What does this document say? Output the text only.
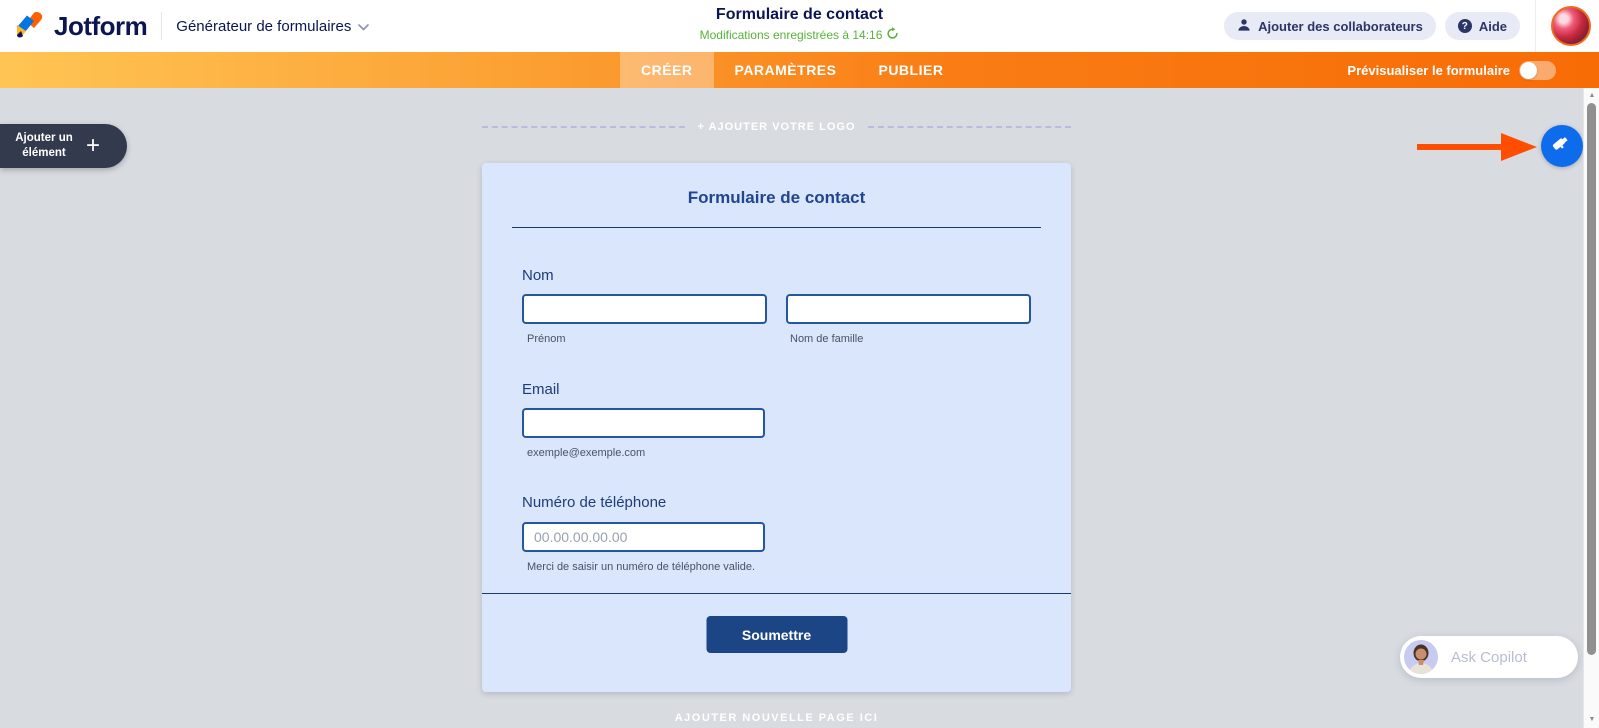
Jotform Générateur de formulaires
Formulaire de contact
Modifications enregistrées à 14:16
Ajouter des collaborateurs	? Aide
CRÉER	PARAMÈTRES	PUBLIER	Prévisualiser le formulaire
Ajouter un élément +
+ AJOUTER VOTRE LOGO
Formulaire de contact
Nom
Prénom	Nom de famille
Email
exemple@exemple.com
Numéro de téléphone
00.00.00.00.00
Merci de saisir un numéro de téléphone valide.
Soumettre
AJOUTER NOUVELLE PAGE ICI
Ask Copilot
▲
▼
